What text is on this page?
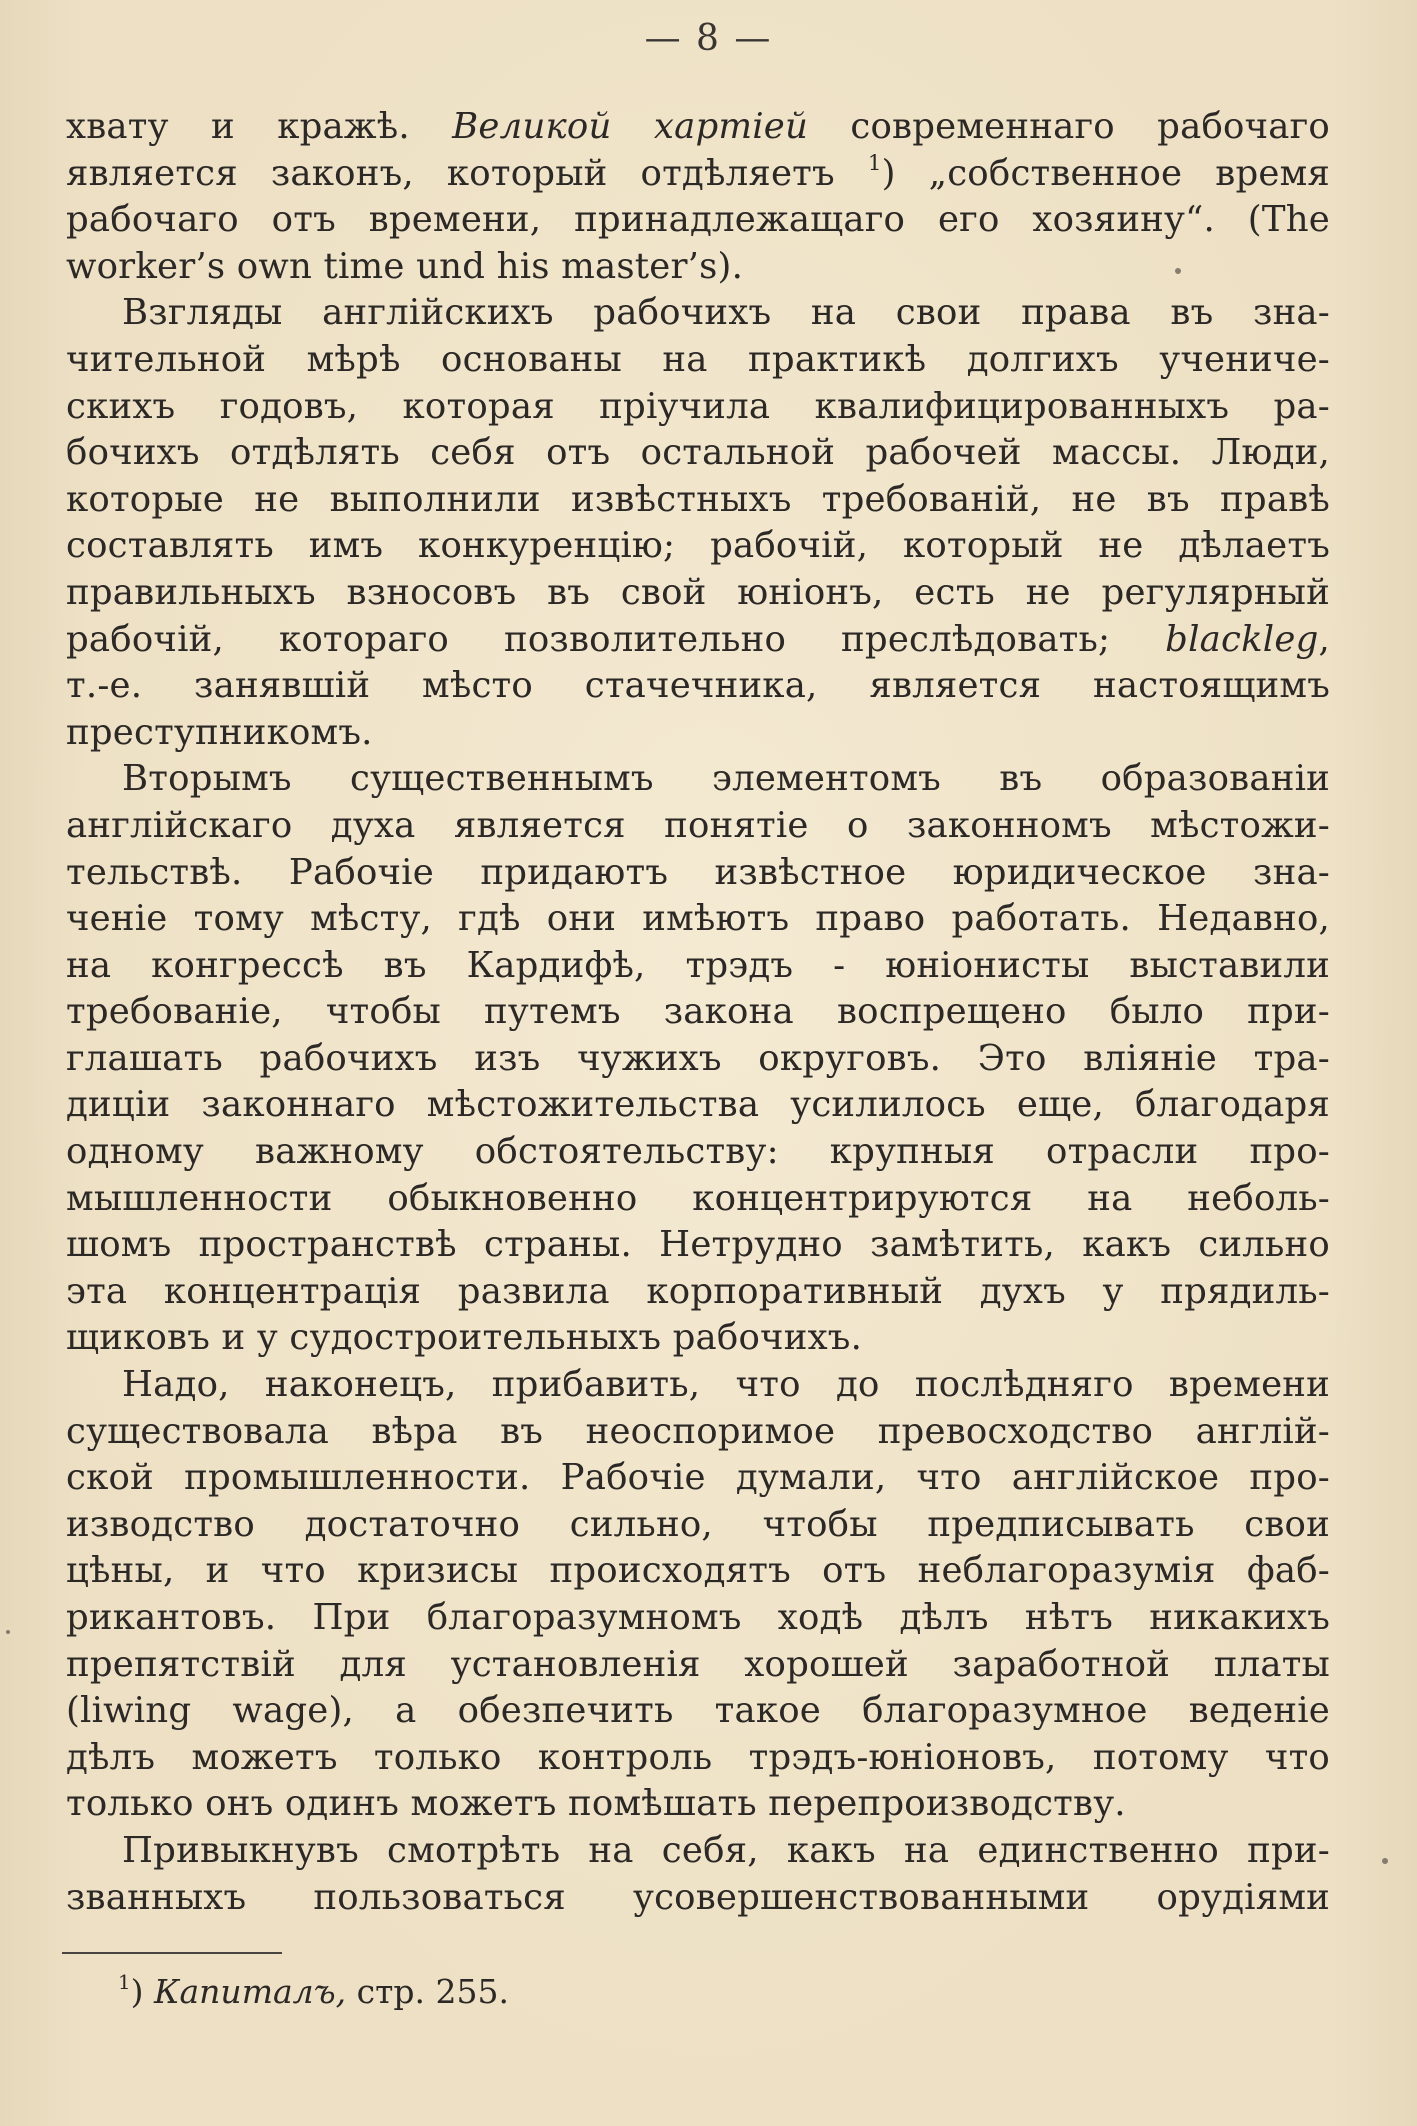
— 8 —
хвату и кражѣ. Великой хартіей современнаго рабочаго
является законъ, который отдѣляетъ $^1$) „собственное время
рабочаго отъ времени, принадлежащаго его хозяину“. (The
worker’s own time und his master’s).
Взгляды англійскихъ рабочихъ на свои права въ зна-
чительной мѣрѣ основаны на практикѣ долгихъ учениче-
скихъ годовъ, которая пріучила квалифицированныхъ ра-
бочихъ отдѣлять себя отъ остальной рабочей массы. Люди,
которые не выполнили извѣстныхъ требованій, не въ правѣ
составлять имъ конкуренцію; рабочій, который не дѣлаетъ
правильныхъ взносовъ въ свой юніонъ, есть не регулярный
рабочій, котораго позволительно преслѣдовать; blackleg,
т.-е. занявшій мѣсто стачечника, является настоящимъ
преступникомъ.
Вторымъ существеннымъ элементомъ въ образованіи
англійскаго духа является понятіе о законномъ мѣстожи-
тельствѣ. Рабочіе придаютъ извѣстное юридическое зна-
ченіе тому мѣсту, гдѣ они имѣютъ право работать. Недавно,
на конгрессѣ въ Кардифѣ, трэдъ - юніонисты выставили
требованіе, чтобы путемъ закона воспрещено было при-
глашать рабочихъ изъ чужихъ округовъ. Это вліяніе тра-
диціи законнаго мѣстожительства усилилось еще, благодаря
одному важному обстоятельству: крупныя отрасли про-
мышленности обыкновенно концентрируются на неболь-
шомъ пространствѣ страны. Нетрудно замѣтить, какъ сильно
эта концентрація развила корпоративный духъ у прядиль-
щиковъ и у судостроительныхъ рабочихъ.
Надо, наконецъ, прибавить, что до послѣдняго времени
существовала вѣра въ неоспоримое превосходство англій-
ской промышленности. Рабочіе думали, что англійское про-
изводство достаточно сильно, чтобы предписывать свои
цѣны, и что кризисы происходятъ отъ неблагоразумія фаб-
рикантовъ. При благоразумномъ ходѣ дѣлъ нѣтъ никакихъ
препятствій для установленія хорошей заработной платы
(liwing wage), а обезпечить такое благоразумное веденіе
дѣлъ можетъ только контроль трэдъ-юніоновъ, потому что
только онъ одинъ можетъ помѣшать перепроизводству.
Привыкнувъ смотрѣть на себя, какъ на единственно при-
званныхъ пользоваться усовершенствованными орудіями
$^1$) Капиталъ, стр. 255.
